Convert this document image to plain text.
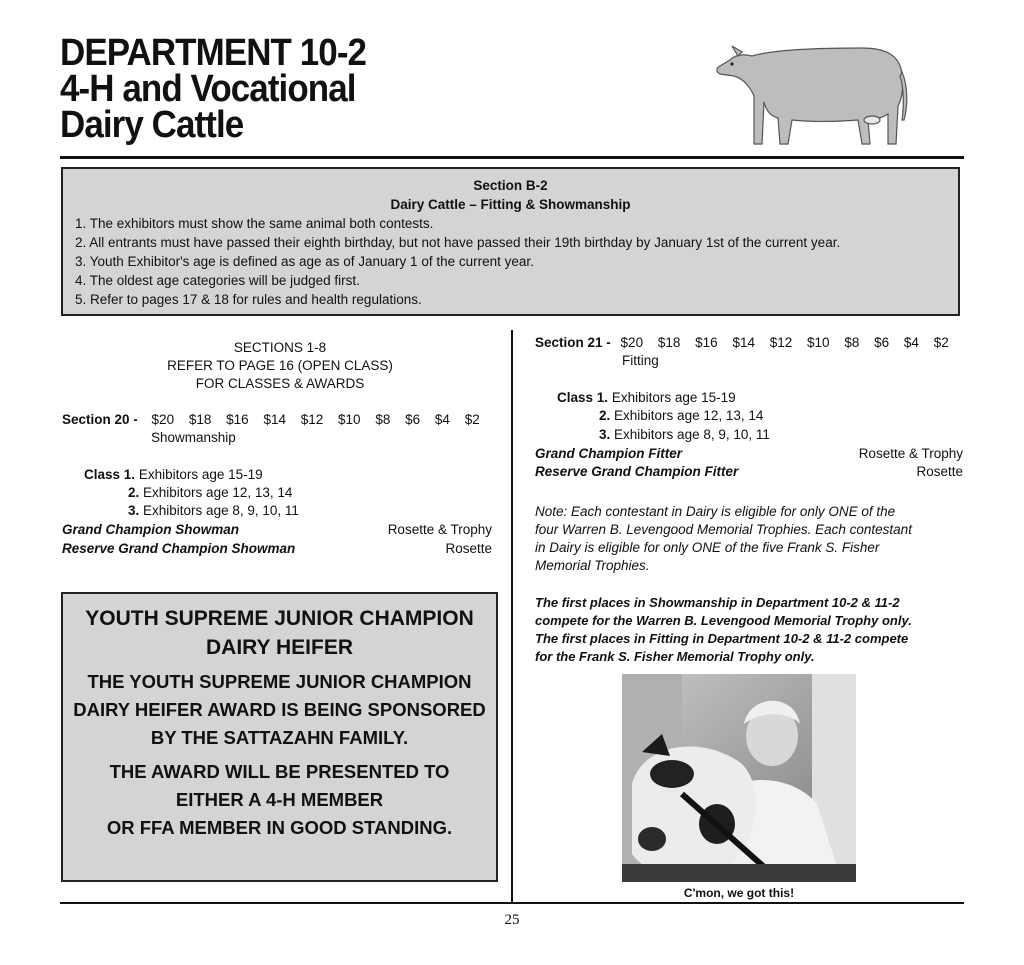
DEPARTMENT 10-2
4-H and Vocational
Dairy Cattle
Section B-2
Dairy Cattle – Fitting & Showmanship
1. The exhibitors must show the same animal both contests.
2. All entrants must have passed their eighth birthday, but not have passed their 19th birthday by January 1st of the current year.
3. Youth Exhibitor's age is defined as age as of January 1 of the current year.
4. The oldest age categories will be judged first.
5. Refer to pages 17 & 18 for rules and health regulations.
SECTIONS 1-8
REFER TO PAGE 16 (OPEN CLASS)
FOR CLASSES & AWARDS
Section 20 - $20 $18 $16 $14 $12 $10 $8 $6 $4 $2
Showmanship
Class 1. Exhibitors age 15-19
2. Exhibitors age 12, 13, 14
3. Exhibitors age 8, 9, 10, 11
Grand Champion Showman	Rosette & Trophy
Reserve Grand Champion Showman	Rosette
YOUTH SUPREME JUNIOR CHAMPION
DAIRY HEIFER
THE YOUTH SUPREME JUNIOR CHAMPION
DAIRY HEIFER AWARD IS BEING SPONSORED
BY THE SATTAZAHN FAMILY.
THE AWARD WILL BE PRESENTED TO
EITHER A 4-H MEMBER
OR FFA MEMBER IN GOOD STANDING.
Section 21 - $20 $18 $16 $14 $12 $10 $8 $6 $4 $2
Fitting
Class 1. Exhibitors age 15-19
2. Exhibitors age 12, 13, 14
3. Exhibitors age 8, 9, 10, 11
Grand Champion Fitter	Rosette & Trophy
Reserve Grand Champion Fitter	Rosette
Note: Each contestant in Dairy is eligible for only ONE of the
four Warren B. Levengood Memorial Trophies. Each contestant
in Dairy is eligible for only ONE of the five Frank S. Fisher
Memorial Trophies.
The first places in Showmanship in Department 10-2 & 11-2
compete for the Warren B. Levengood Memorial Trophy only.
The first places in Fitting in Department 10-2 & 11-2 compete
for the Frank S. Fisher Memorial Trophy only.
C'mon, we got this!
25
